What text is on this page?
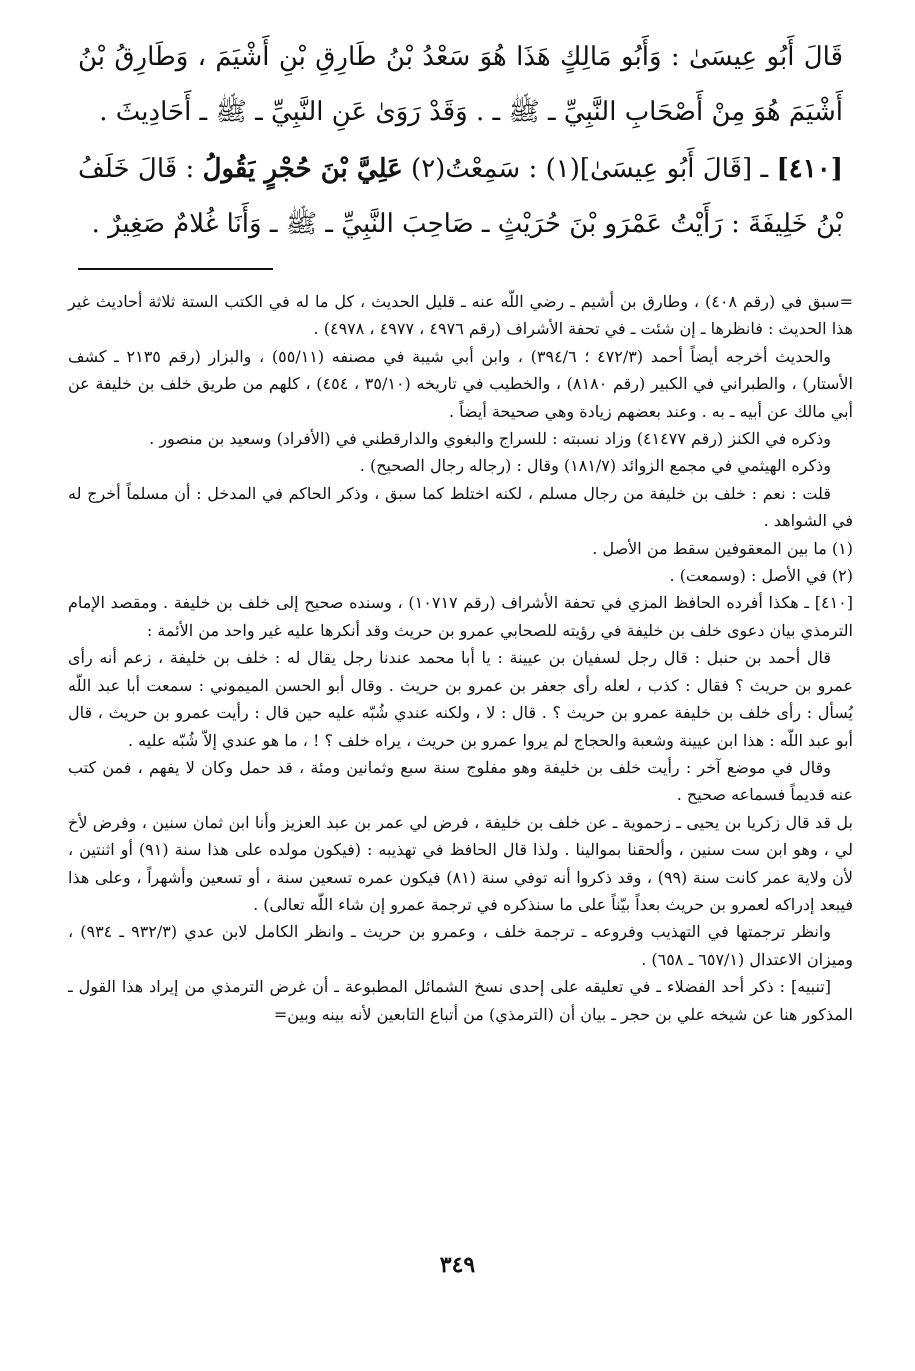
قَالَ أَبُو عِيسَىٰ : وَأَبُو مَالِكٍ هَذَا هُوَ سَعْدُ بْنُ طَارِقِ بْنِ أَشْيَمَ ، وَطَارِقُ بْنُ أَشْيَمَ هُوَ مِنْ أَصْحَابِ النَّبِيِّ ـ ﷺ ـ . وَقَدْ رَوَىٰ عَنِ النَّبِيِّ ـ ﷺ ـ أَحَادِيثَ .

[٤١٠] ـ [قَالَ أَبُو عِيسَىٰ](١) : سَمِعْتُ(٢) عَلِيَّ بْنَ حُجْرٍ يَقُولُ : قَالَ خَلَفُ بْنُ خَلِيفَةَ : رَأَيْتُ عَمْرَو بْنَ حُرَيْثٍ ـ صَاحِبَ النَّبِيِّ ـ ﷺ ـ وَأَنَا غُلامٌ صَغِيرٌ .

=سبق في (رقم ٤٠٨) ، وطارق بن أشيم ـ رضي اللّه عنه ـ قليل الحديث ، كل ما له في الكتب الستة ثلاثة أحاديث غير هذا الحديث : فانظرها ـ إن شئت ـ في تحفة الأشراف (رقم ٤٩٧٦ ، ٤٩٧٧ ، ٤٩٧٨) .

والحديث أخرجه أيضاً أحمد (٤٧٢/٣ ؛ ٣٩٤/٦) ، وابن أبي شيبة في مصنفه (٥٥/١١) ، والبزار (رقم ٢١٣٥ ـ كشف الأستار) ، والطبراني في الكبير (رقم ٨١٨٠) ، والخطيب في تاريخه (٣٥/١٠ ، ٤٥٤) ، كلهم من طريق خلف بن خليفة عن أبي مالك عن أبيه ـ به . وعند بعضهم زيادة وهي صحيحة أيضاً .

وذكره في الكنز (رقم ٤١٤٧٧) وزاد نسبته : للسراج والبغوي والدارقطني في (الأفراد) وسعيد بن منصور .

وذكره الهيثمي في مجمع الزوائد (١٨١/٧) وقال : (رجاله رجال الصحيح) .

قلت : نعم : خلف بن خليفة من رجال مسلم ، لكنه اختلط كما سبق ، وذكر الحاكم في المدخل : أن مسلماً أخرج له في الشواهد .

(١) ما بين المعقوفين سقط من الأصل .

(٢) في الأصل : (وسمعت) .

[٤١٠] ـ هكذا أفرده الحافظ المزي في تحفة الأشراف (رقم ١٠٧١٧) ، وسنده صحيح إلى خلف بن خليفة . ومقصد الإمام الترمذي بيان دعوى خلف بن خليفة في رؤيته للصحابي عمرو بن حريث وقد أنكرها عليه غير واحد من الأئمة :

قال أحمد بن حنبل : قال رجل لسفيان بن عيينة : يا أبا محمد عندنا رجل يقال له : خلف بن خليفة ، زعم أنه رأى عمرو بن حريث ؟ فقال : كذب ، لعله رأى جعفر بن عمرو بن حريث . وقال أبو الحسن الميموني : سمعت أبا عبد اللّه يُسأل : رأى خلف بن خليفة عمرو بن حريث ؟ . قال : لا ، ولكنه عندي شُبّه عليه حين قال : رأيت عمرو بن حريث ، قال أبو عبد اللّه : هذا ابن عيينة وشعبة والحجاج لم يروا عمرو بن حريث ، يراه خلف ؟ ! ، ما هو عندي إلاّ شُبّه عليه .

وقال في موضع آخر : رأيت خلف بن خليفة وهو مفلوج سنة سبع وثمانين ومئة ، قد حمل وكان لا يفهم ، فمن كتب عنه قديماً فسماعه صحيح .

بل قد قال زكريا بن يحيى ـ زحموية ـ عن خلف بن خليفة ، فرض لي عمر بن عبد العزيز وأنا ابن ثمان سنين ، وفرض لأخ لي ، وهو ابن ست سنين ، وألحقنا بموالينا . ولذا قال الحافظ في تهذيبه : (فيكون مولده على هذا سنة (٩١) أو اثنتين ، لأن ولاية عمر كانت سنة (٩٩) ، وقد ذكروا أنه توفي سنة (٨١) فيكون عمره تسعين سنة ، أو تسعين وأشهراً ، وعلى هذا فيبعد إدراكه لعمرو بن حريث بعداً بيّناً على ما سنذكره في ترجمة عمرو إن شاء اللّه تعالى) .

وانظر ترجمتها في التهذيب وفروعه ـ ترجمة خلف ، وعمرو بن حريث ـ وانظر الكامل لابن عدي (٩٣٢/٣ ـ ٩٣٤) ، وميزان الاعتدال (٦٥٧/١ ـ ٦٥٨) .

[تنبيه] : ذكر أحد الفضلاء ـ في تعليقه على إحدى نسخ الشمائل المطبوعة ـ أن غرض الترمذي من إيراد هذا القول ـ المذكور هنا عن شيخه علي بن حجر ـ بيان أن (الترمذي) من أتباع التابعين لأنه بينه وبين=

٣٤٩
